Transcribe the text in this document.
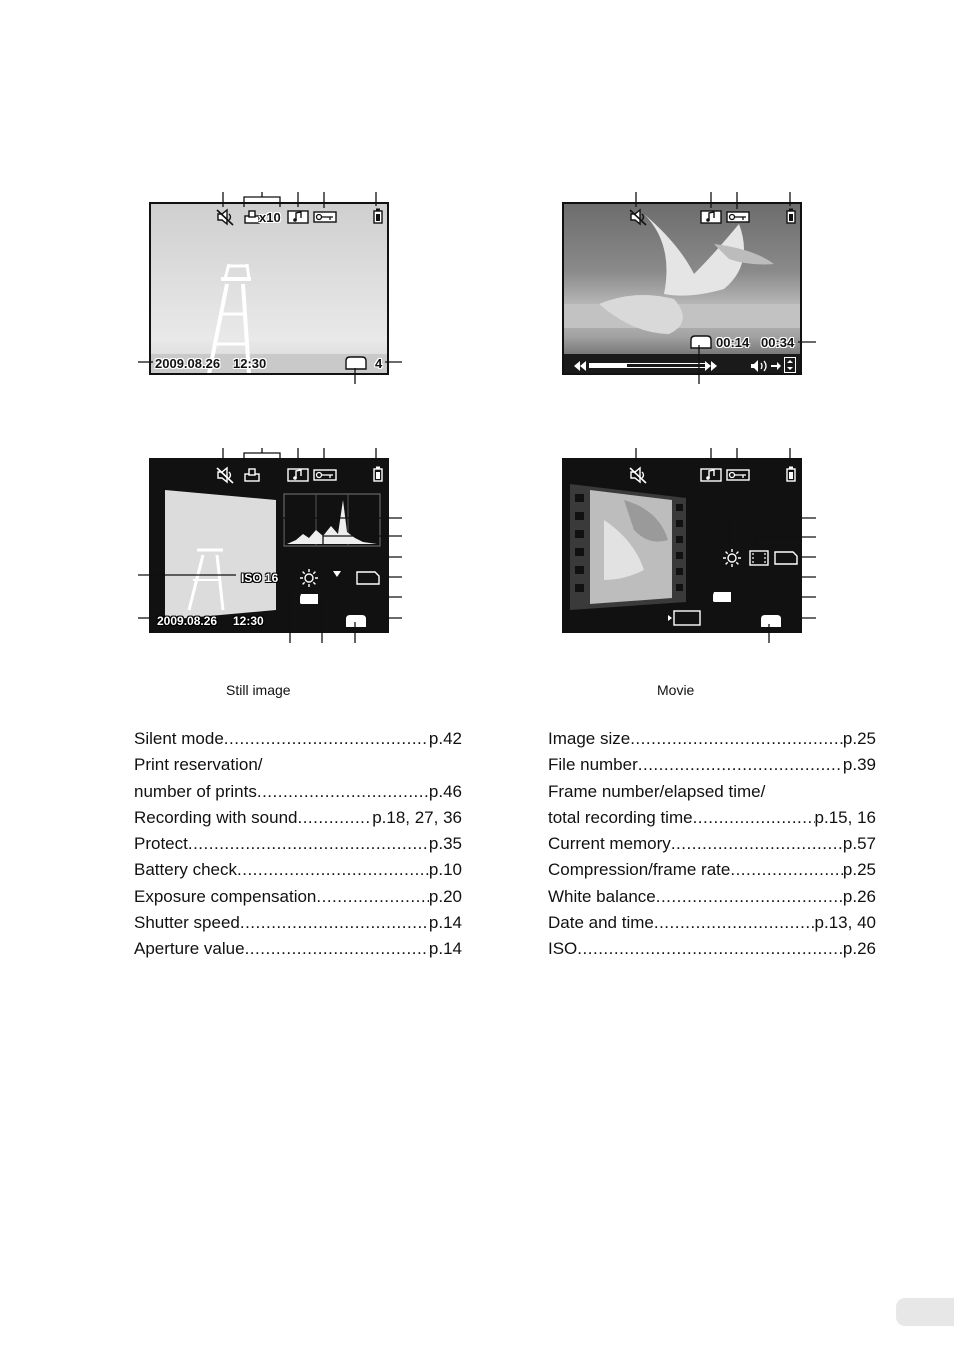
x10
2009.08.26 12:30	4
00:14 00:34
ISO 16
2009.08.26 12:30
Still image	Movie
Silent mode .....	p.42
Print reservation/
number of prints .....	p.46
Recording with sound .....	p.18, 27, 36
Protect .....	p.35
Battery check .....	p.10
Exposure compensation .....	p.20
Shutter speed .....	p.14
Aperture value .....	p.14
Image size .....	p.25
File number .....	p.39
Frame number/elapsed time/
total recording time .....	p.15, 16
Current memory .....	p.57
Compression/frame rate .....	p.25
White balance .....	p.26
Date and time .....	p.13, 40
ISO .....	p.26
